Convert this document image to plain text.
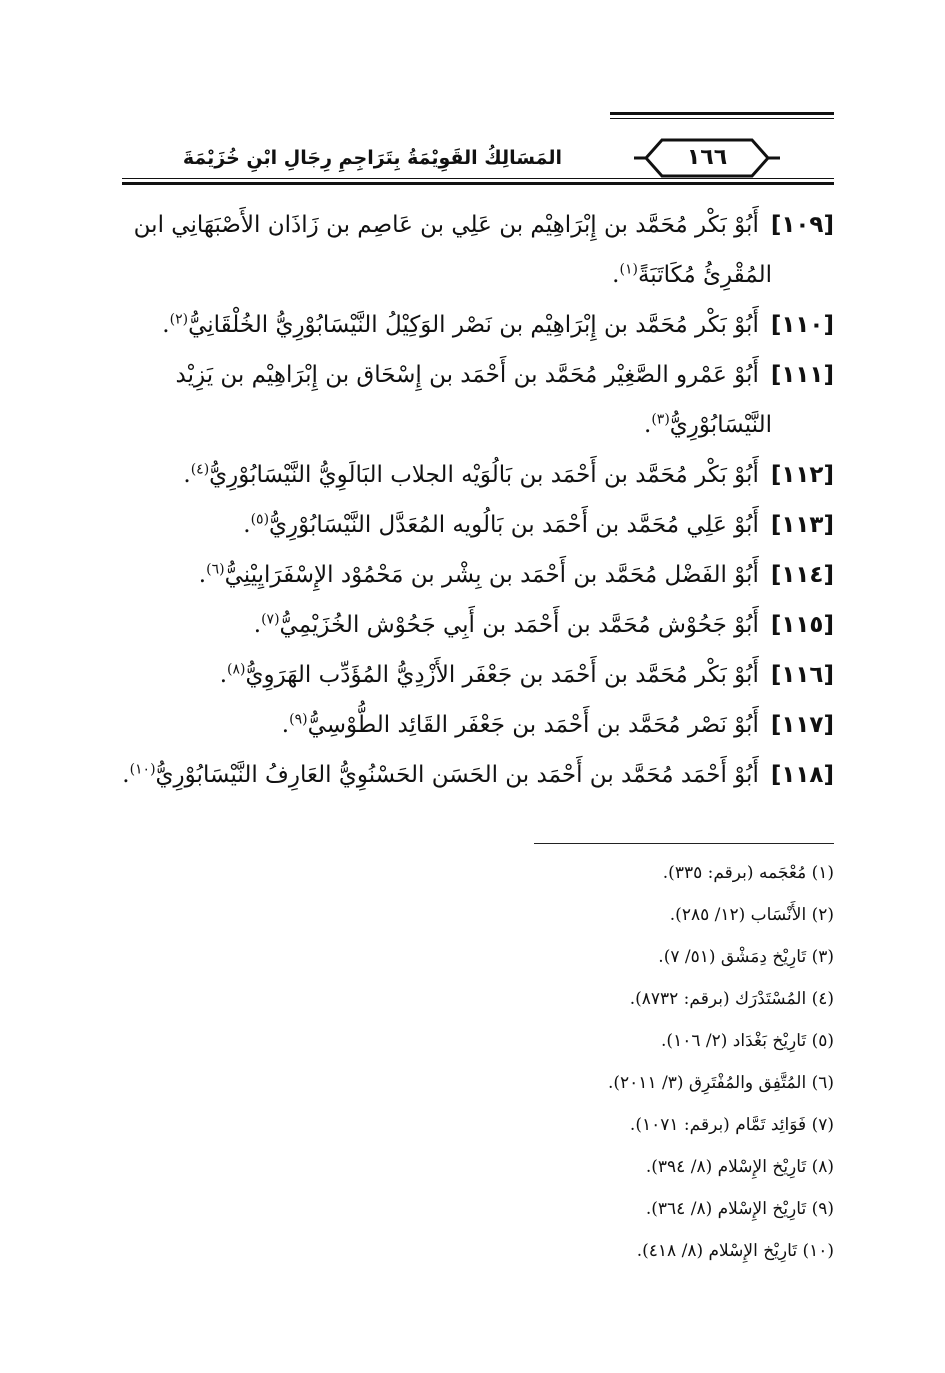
المَسَالِكُ القَوِيْمَةُ بِتَرَاجِمِ رِجَالِ ابْنِ خُزَيْمَةَ	١٦٦
[١٠٩]أَبُوْ بَكْر مُحَمَّد بن إِبْرَاهِيْم بن عَلِي بن عَاصِم بن زَاذَان الأَصْبَهَانِي ابن
المُقْرِئُ مُكَاتَبَةً$^{(١)}$.
[١١٠]أَبُوْ بَكْر مُحَمَّد بن إِبْرَاهِيْم بن نَصْر الوَكِيْلُ النَّيْسَابُوْرِيُّ الخُلْقَانِيُّ$^{(٢)}$.
[١١١]أَبُوْ عَمْرو الصَّغِيْر مُحَمَّد بن أَحْمَد بن إِسْحَاق بن إِبْرَاهِيْم بن يَزِيْد
النَّيْسَابُوْرِيُّ$^{(٣)}$.
[١١٢]أَبُوْ بَكْر مُحَمَّد بن أَحْمَد بن بَالُوَيْه الجلاب البَالَوِيُّ النَّيْسَابُوْرِيُّ$^{(٤)}$.
[١١٣]أَبُوْ عَلِي مُحَمَّد بن أَحْمَد بن بَالُويه المُعَدَّل النَّيْسَابُوْرِيُّ$^{(٥)}$.
[١١٤]أَبُوْ الفَضْل مُحَمَّد بن أَحْمَد بن بِشْر بن مَحْمُوْد الإِسْفَرَايِيْنِيُّ$^{(٦)}$.
[١١٥]أَبُوْ جَحُوْش مُحَمَّد بن أَحْمَد بن أَبِي جَحُوْش الخُزَيْمِيُّ$^{(٧)}$.
[١١٦]أَبُوْ بَكْر مُحَمَّد بن أَحْمَد بن جَعْفَر الأَزْدِيُّ المُؤَدِّب الهَرَوِيُّ$^{(٨)}$.
[١١٧]أَبُوْ نَصْر مُحَمَّد بن أَحْمَد بن جَعْفَر القَائِد الطُّوْسِيُّ$^{(٩)}$.
[١١٨]أَبُوْ أَحْمَد مُحَمَّد بن أَحْمَد بن الحَسَن الحَسْنُوِيُّ العَارِفُ النَّيْسَابُوْرِيُّ$^{(١٠)}$.
(١) مُعْجَمه (برقم: ٣٣٥).
(٢) الأَنْسَاب (١٢/ ٢٨٥).
(٣) تَارِيْخ دِمَشْق (٥١/ ٧).
(٤) المُسْتَدْرَك (برقم: ٨٧٣٢).
(٥) تَارِيْخ بَغْدَاد (٢/ ١٠٦).
(٦) المُتَّفِق والمُفْتَرِق (٣/ ٢٠١١).
(٧) فَوَائِد تَمَّام (برقم: ١٠٧١).
(٨) تَارِيْخ الإِسْلام (٨/ ٣٩٤).
(٩) تَارِيْخ الإِسْلام (٨/ ٣٦٤).
(١٠) تَارِيْخ الإِسْلام (٨/ ٤١٨).
